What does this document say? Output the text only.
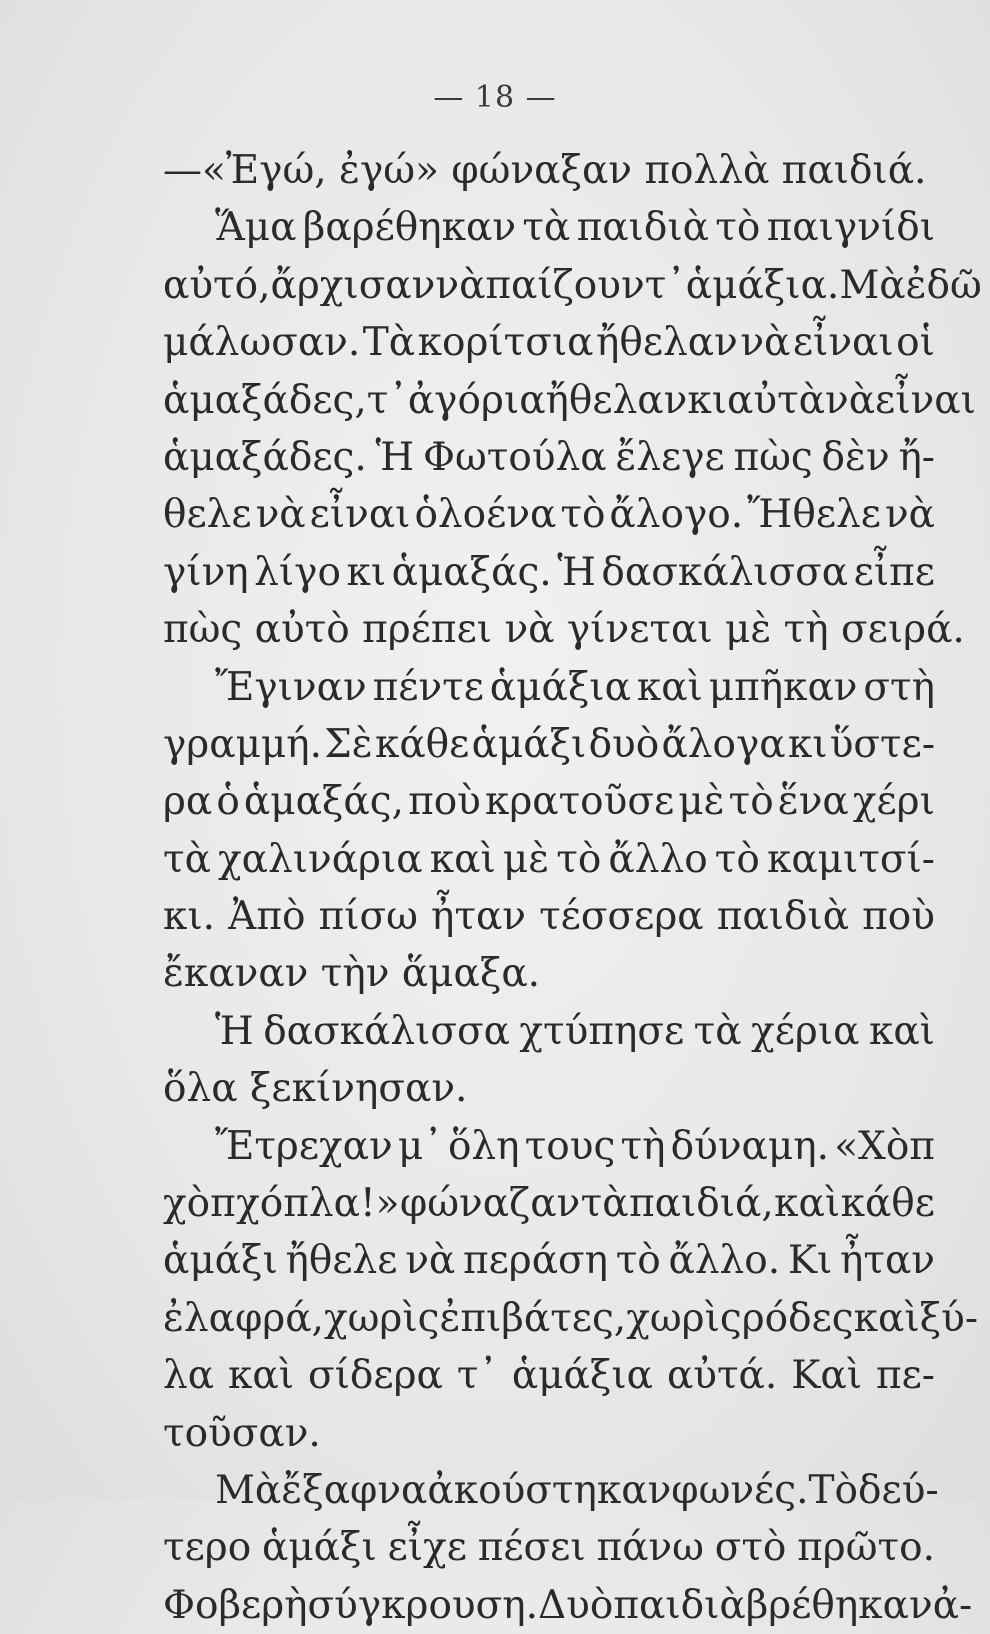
— 18 —
—«Ἐγώ, ἐγώ» φώναξαν πολλὰ παιδιά.
Ἅμα βαρέθηκαν τὰ παιδιὰ τὸ παιγνίδι
αὐτό, ἄρχισαν νὰ παίζουν τ᾽ ἁμάξια. Μὰ ἐδῶ
μάλωσαν. Τὰ κορίτσια ἤθελαν νὰ εἶναι οἱ
ἁμαξάδες, τ᾽ ἀγόρια ἤθελαν κι αὐτὰ νὰ εἶναι
ἁμαξάδες. Ἡ Φωτούλα ἔλεγε πὼς δὲν ἤ-
θελε νὰ εἶναι ὁλοένα τὸ ἄλογο. Ἤθελε νὰ
γίνη λίγο κι ἁμαξάς. Ἡ δασκάλισσα εἶπε
πὼς αὐτὸ πρέπει νὰ γίνεται μὲ τὴ σειρά.
Ἔγιναν πέντε ἁμάξια καὶ μπῆκαν στὴ
γραμμή. Σὲ κάθε ἁμάξι δυὸ ἄλογα κι ὕστε-
ρα ὁ ἁμαξάς, ποὺ κρατοῦσε μὲ τὸ ἕνα χέρι
τὰ χαλινάρια καὶ μὲ τὸ ἄλλο τὸ καμιτσί-
κι. Ἀπὸ πίσω ἦταν τέσσερα παιδιὰ ποὺ
ἔκαναν τὴν ἅμαξα.
Ἡ δασκάλισσα χτύπησε τὰ χέρια καὶ
ὅλα ξεκίνησαν.
Ἔτρεχαν μ᾽ ὅλη τους τὴ δύναμη. «Χὸπ
χὸπ χόπλα!» φώναζαν τὰ παιδιά, καὶ κάθε
ἁμάξι ἤθελε νὰ περάση τὸ ἄλλο. Κι ἦταν
ἐλαφρά, χωρὶς ἐπιβάτες, χωρὶς ρόδες καὶ ξύ-
λα καὶ σίδερα τ᾽ ἁμάξια αὐτά. Καὶ πε-
τοῦσαν.
Μὰ ἔξαφνα ἀκούστηκαν φωνές. Τὸ δεύ-
τερο ἁμάξι εἶχε πέσει πάνω στὸ πρῶτο.
Φοβερὴ σύγκρουση. Δυὸ παιδιὰ βρέθηκαν ἀ-
